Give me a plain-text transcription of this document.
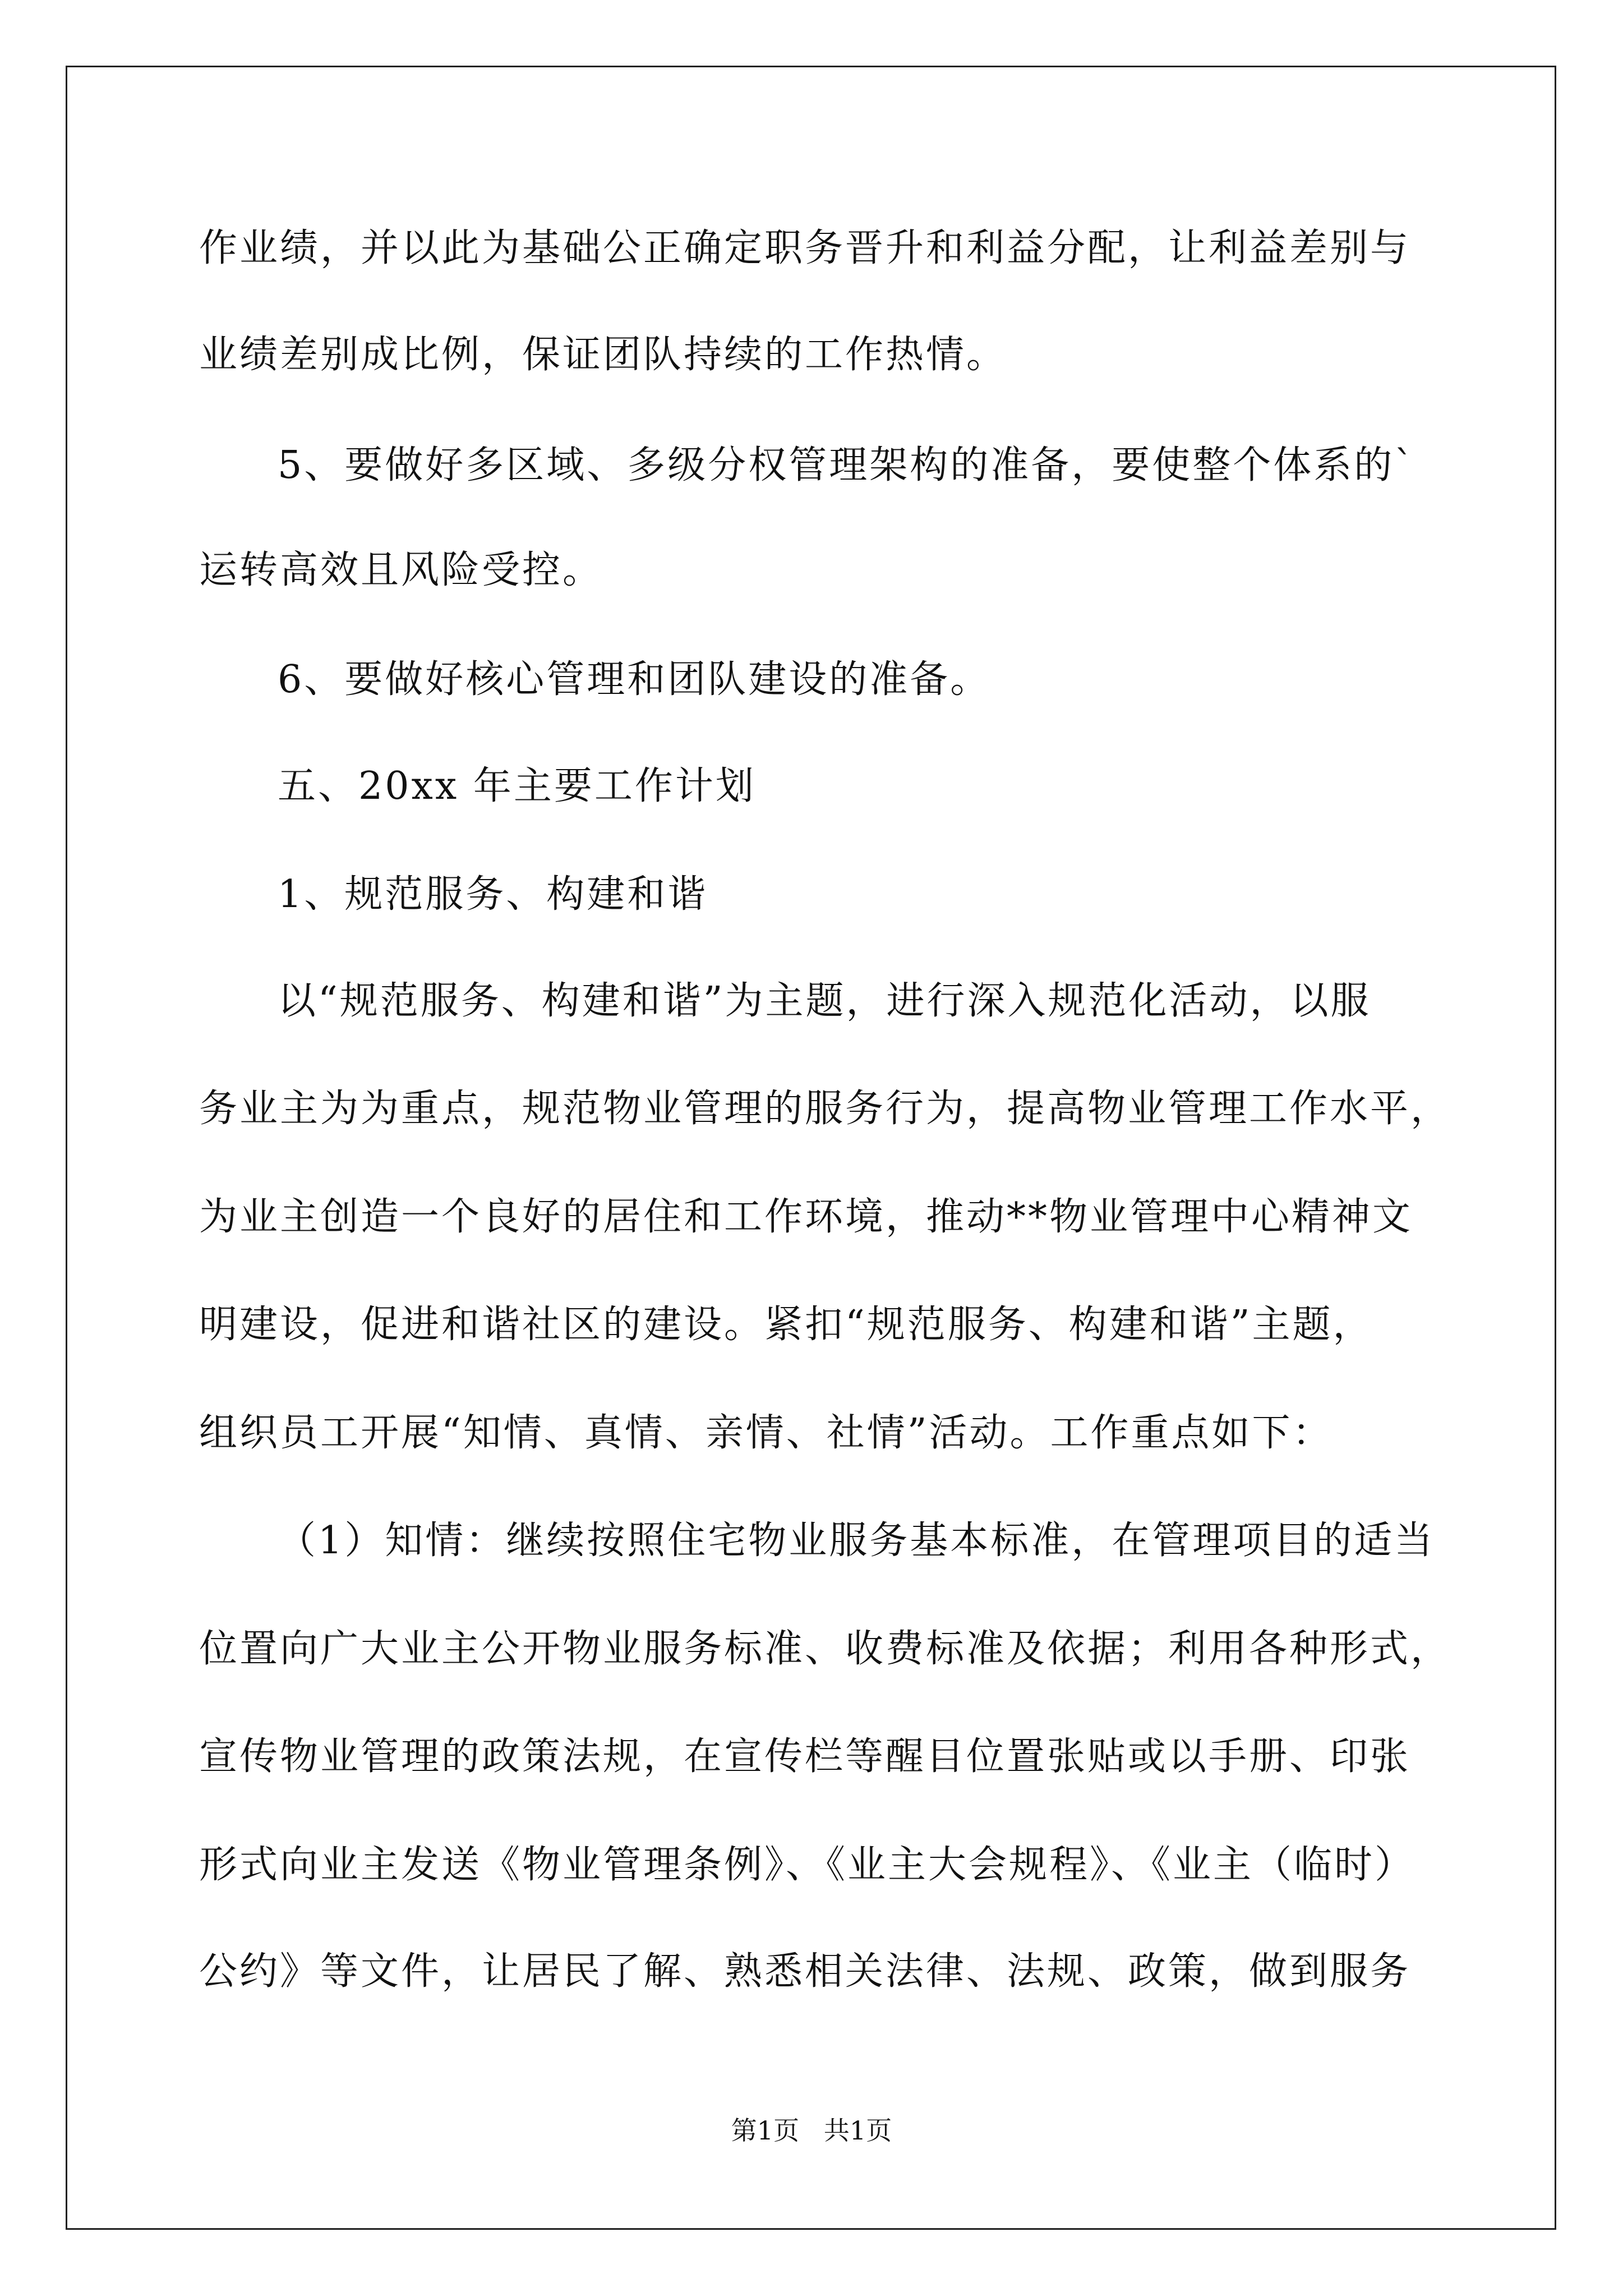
作业绩，并以此为基础公正确定职务晋升和利益分配，让利益差别与
业绩差别成比例，保证团队持续的工作热情。
5、要做好多区域、多级分权管理架构的准备，要使整个体系的`
运转高效且风险受控。
6、要做好核心管理和团队建设的准备。
五、20xx 年主要工作计划
1、规范服务、构建和谐
以“规范服务、构建和谐”为主题，进行深入规范化活动，以服
务业主为为重点，规范物业管理的服务行为，提高物业管理工作水平，
为业主创造一个良好的居住和工作环境，推动**物业管理中心精神文
明建设，促进和谐社区的建设。紧扣“规范服务、构建和谐”主题，
组织员工开展“知情、真情、亲情、社情”活动。工作重点如下：
（1）知情：继续按照住宅物业服务基本标准，在管理项目的适当
位置向广大业主公开物业服务标准、收费标准及依据；利用各种形式，
宣传物业管理的政策法规，在宣传栏等醒目位置张贴或以手册、印张
形式向业主发送《物业管理条例》、《业主大会规程》、《业主（临时）
公约》等文件，让居民了解、熟悉相关法律、法规、政策，做到服务
第1页   共1页
